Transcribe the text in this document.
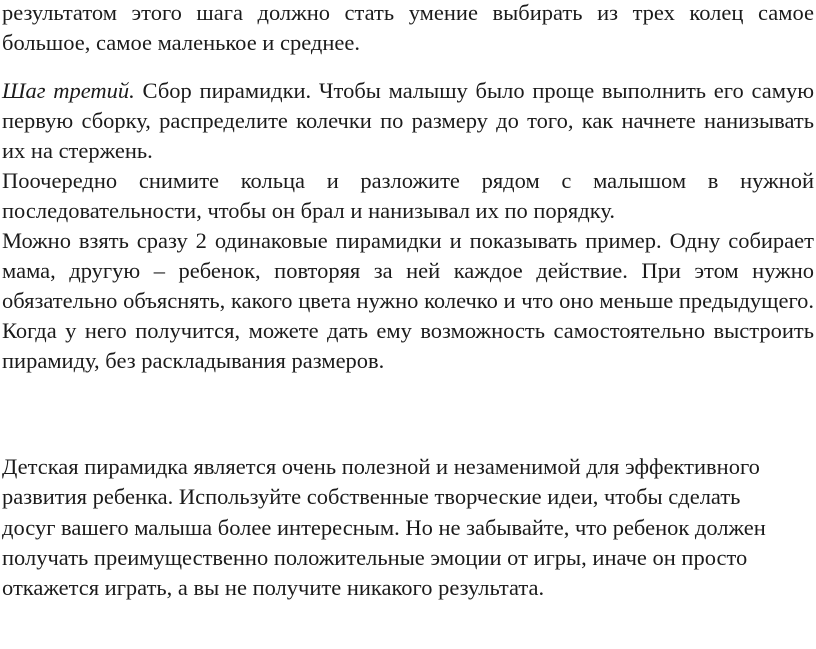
результатом этого шага должно стать умение выбирать из трех колец самое большое, самое маленькое и среднее.

Шаг третий. Сбор пирамидки. Чтобы малышу было проще выполнить его самую первую сборку, распределите колечки по размеру до того, как начнете нанизывать их на стержень.

Поочередно снимите кольца и разложите рядом с малышом в нужной последовательности, чтобы он брал и нанизывал их по порядку.

Можно взять сразу 2 одинаковые пирамидки и показывать пример. Одну собирает мама, другую – ребенок, повторяя за ней каждое действие. При этом нужно обязательно объяснять, какого цвета нужно колечко и что оно меньше предыдущего. Когда у него получится, можете дать ему возможность самостоятельно выстроить пирамиду, без раскладывания размеров.

Детская пирамидка является очень полезной и незаменимой для эффективного развития ребенка. Используйте собственные творческие идеи, чтобы сделать досуг вашего малыша более интересным. Но не забывайте, что ребенок должен получать преимущественно положительные эмоции от игры, иначе он просто откажется играть, а вы не получите никакого результата.
